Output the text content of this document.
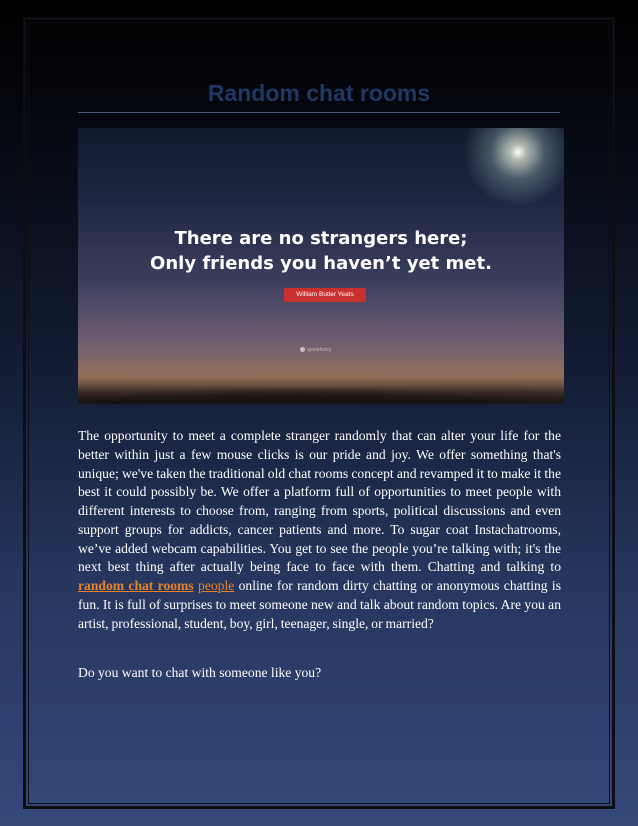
Random chat rooms
There are no strangers here;
Only friends you haven’t yet met.
William Butler Yeats
quotefancy

The opportunity to meet a complete stranger randomly that can alter your life for the better within just a few mouse clicks is our pride and joy. We offer something that's unique; we've taken the traditional old chat rooms concept and revamped it to make it the best it could possibly be. We offer a platform full of opportunities to meet people with different interests to choose from, ranging from sports, political discussions and even support groups for addicts, cancer patients and more. To sugar coat Instachatrooms, we’ve added webcam capabilities. You get to see the people you’re talking with; it's the next best thing after actually being face to face with them. Chatting and talking to random chat rooms people online for random dirty chatting or anonymous chatting is fun. It is full of surprises to meet someone new and talk about random topics. Are you an artist, professional, student, boy, girl, teenager, single, or married?

Do you want to chat with someone like you?
